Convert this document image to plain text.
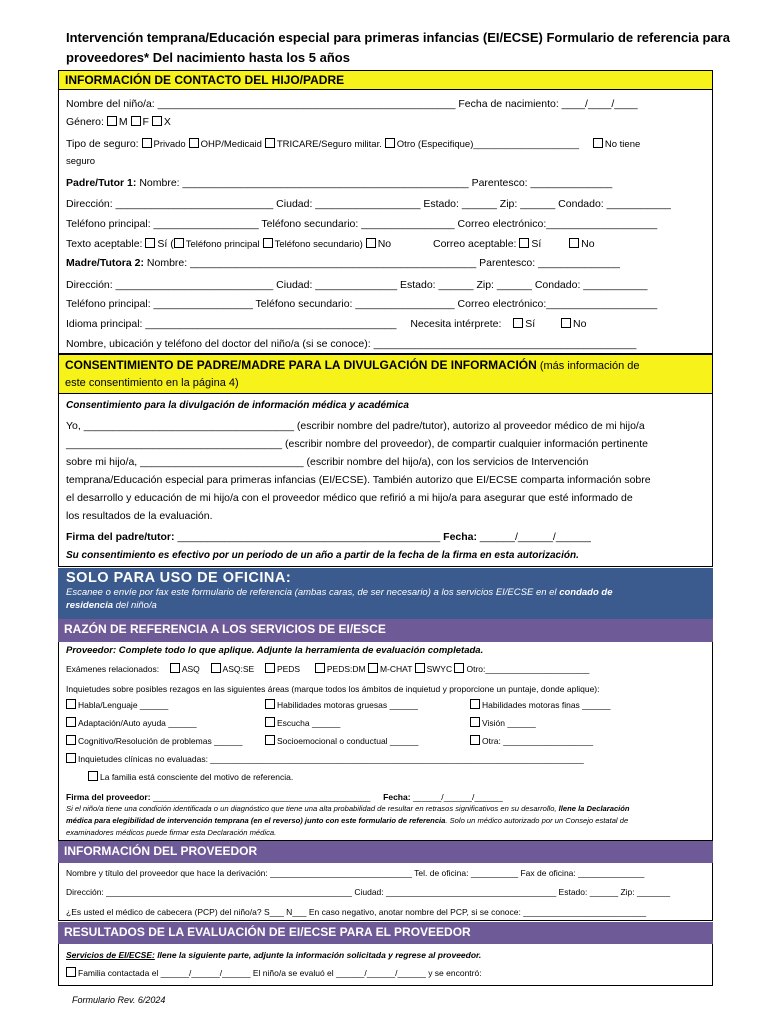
Intervención temprana/Educación especial para primeras infancias (EI/ECSE) Formulario de referencia para proveedores* Del nacimiento hasta los 5 años
INFORMACIÓN DE CONTACTO DEL HIJO/PADRE
Nombre del niño/a: ___________________________________________________ Fecha de nacimiento: ____/____/____
Género: M F X
Tipo de seguro: Privado OHP/Medicaid TRICARE/Seguro militar. Otro (Especifique)____________________	No tiene
seguro
Padre/Tutor 1: Nombre: _________________________________________________ Parentesco: ______________
Dirección: ___________________________ Ciudad: __________________ Estado: ______ Zip: ______ Condado: ___________
Teléfono principal: __________________ Teléfono secundario: ________________ Correo electrónico:___________________
Texto aceptable: Sí ( Teléfono principal Teléfono secundario) No	Correo aceptable: Sí	No
Madre/Tutora 2: Nombre: _________________________________________________ Parentesco: ______________
Dirección: ___________________________ Ciudad: ______________ Estado: ______ Zip: ______ Condado: ___________
Teléfono principal: _________________ Teléfono secundario: _________________ Correo electrónico:___________________
Idioma principal: ___________________________________________ Necesita intérprete: Sí	No
Nombre, ubicación y teléfono del doctor del niño/a (si se conoce): _____________________________________________
CONSENTIMIENTO DE PADRE/MADRE PARA LA DIVULGACIÓN DE INFORMACIÓN (más información de
este consentimiento en la página 4)
Consentimiento para la divulgación de información médica y académica
Yo, ____________________________________ (escribir nombre del padre/tutor), autorizo al proveedor médico de mi hijo/a
_____________________________________ (escribir nombre del proveedor), de compartir cualquier información pertinente
sobre mi hijo/a, ____________________________ (escribir nombre del hijo/a), con los servicios de Intervención
temprana/Educación especial para primeras infancias (EI/ECSE). También autorizo que EI/ECSE comparta información sobre
el desarrollo y educación de mi hijo/a con el proveedor médico que refirió a mi hijo/a para asegurar que esté informado de
los resultados de la evaluación.
Firma del padre/tutor: _____________________________________________ Fecha: ______/______/______
Su consentimiento es efectivo por un periodo de un año a partir de la fecha de la firma en esta autorización.
SOLO PARA USO DE OFICINA:
Escanee o envíe por fax este formulario de referencia (ambas caras, de ser necesario) a los servicios EI/ECSE en el condado de
residencia del niño/a
RAZÓN DE REFERENCIA A LOS SERVICIOS DE EI/ESCE
Proveedor: Complete todo lo que aplique. Adjunte la herramienta de evaluación completada.
Exámenes relacionados:	ASQ	ASQ:SE	PEDS	PEDS:DM M-CHAT SWYC Otro:______________________
Inquietudes sobre posibles rezagos en las siguientes áreas (marque todos los ámbitos de inquietud y proporcione un puntaje, donde aplique):
Habla/Lenguaje ______	Habilidades motoras gruesas ______	Habilidades motoras finas ______
Adaptación/Auto ayuda ______	Escucha ______	Visión ______
Cognitivo/Resolución de problemas ______	Socioemocional o conductual ______	Otra: ___________________
Inquietudes clínicas no evaluadas: _______________________________________________________________________________
La familia está consciente del motivo de referencia.
Firma del proveedor: ______________________________________________ Fecha: ______/______/______
Si el niño/a tiene una condición identificada o un diagnóstico que tiene una alta probabilidad de resultar en retrasos significativos en su desarrollo, llene la Declaración
médica para elegibilidad de intervención temprana (en el reverso) junto con este formulario de referencia. Solo un médico autorizado por un Consejo estatal de
examinadores médicos puede firmar esta Declaración médica.
INFORMACIÓN DEL PROVEEDOR
Nombre y título del proveedor que hace la derivación: ______________________________ Tel. de oficina: __________ Fax de oficina: ______________
Dirección: ____________________________________________________ Ciudad: ____________________________________ Estado: ______ Zip: _______
¿Es usted el médico de cabecera (PCP) del niño/a? S___ N___ En caso negativo, anotar nombre del PCP, si se conoce: __________________________
RESULTADOS DE LA EVALUACIÓN DE EI/ECSE PARA EL PROVEEDOR
Servicios de EI/ECSE: llene la siguiente parte, adjunte la información solicitada y regrese al proveedor.
Familia contactada el ______/______/______ El niño/a se evaluó el ______/______/______ y se encontró:
Formulario Rev. 6/2024
